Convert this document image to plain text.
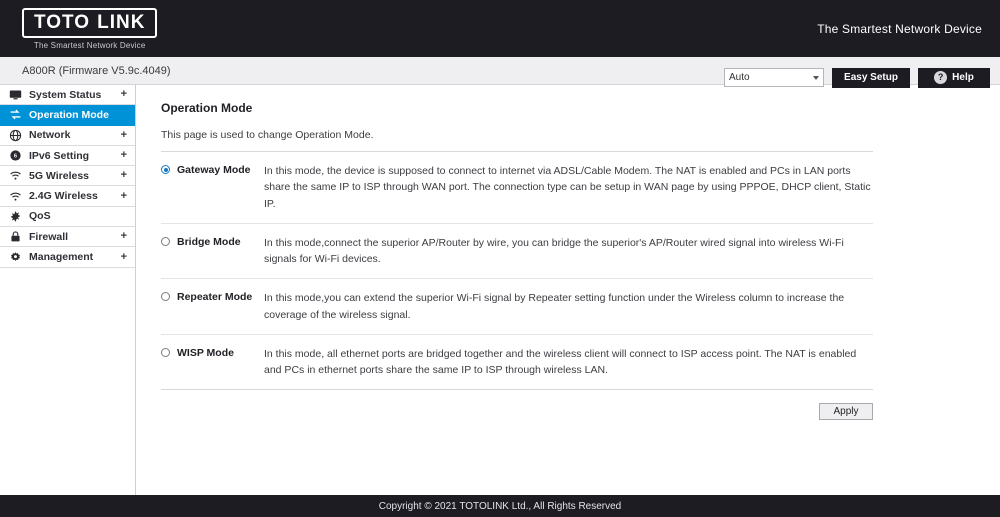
TOTO LINK
The Smartest Network Device
The Smartest Network Device
A800R (Firmware V5.9c.4049)
Auto	Easy Setup	? Help
System Status	+
Operation Mode
Network	+
6 IPv6 Setting	+
5G Wireless	+
2.4G Wireless	+
QoS
Firewall	+
Management	+
Operation Mode
This page is used to change Operation Mode.
Gateway Mode In this mode, the device is supposed to connect to internet via ADSL/Cable Modem. The NAT is enabled and PCs in LAN ports share the same IP to ISP through WAN port. The connection type can be setup in WAN page by using PPPOE, DHCP client, Static IP.
Bridge Mode In this mode,connect the superior AP/Router by wire, you can bridge the superior's AP/Router wired signal into wireless Wi-Fi signals for Wi-Fi devices.
Repeater Mode In this mode,you can extend the superior Wi-Fi signal by Repeater setting function under the Wireless column to increase the coverage of the wireless signal.
WISP Mode	In this mode, all ethernet ports are bridged together and the wireless client will connect to ISP access point. The NAT is enabled and PCs in ethernet ports share the same IP to ISP through wireless LAN.
Apply
Copyright © 2021 TOTOLINK Ltd., All Rights Reserved
